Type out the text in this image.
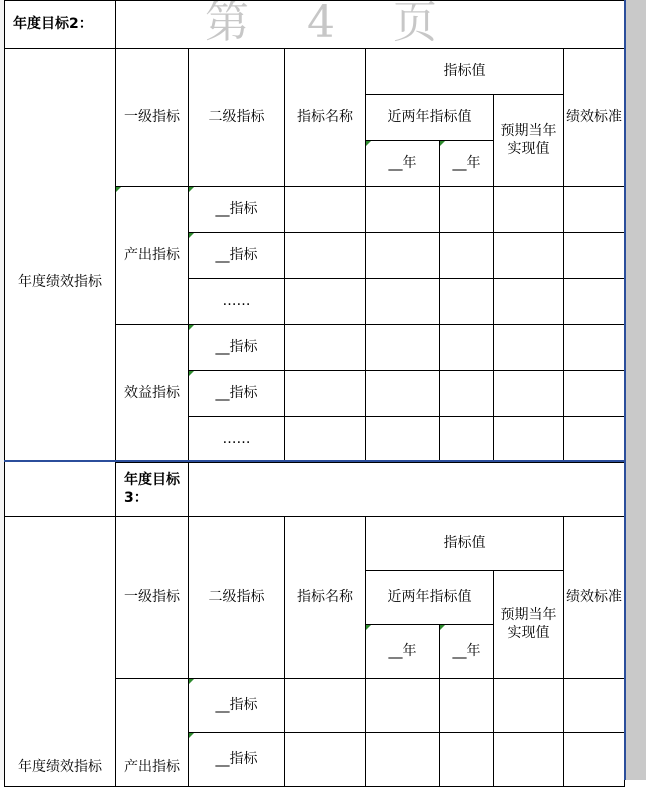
第 4 页
年度目标2：							
年度绩效指标	一级指标	二级指标	指标名称	指标值			绩效标准
				近两年指标值		预期当年实现值	
				__年	__年		
	产出指标	__指标					
		__指标					
		……					
	效益指标	__指标					
		__指标					
		……					
	年度目标3：						
年度绩效指标	一级指标	二级指标	指标名称	指标值			绩效标准
				近两年指标值		预期当年实现值	
				__年	__年		
	产出指标	__指标					
		__指标					
